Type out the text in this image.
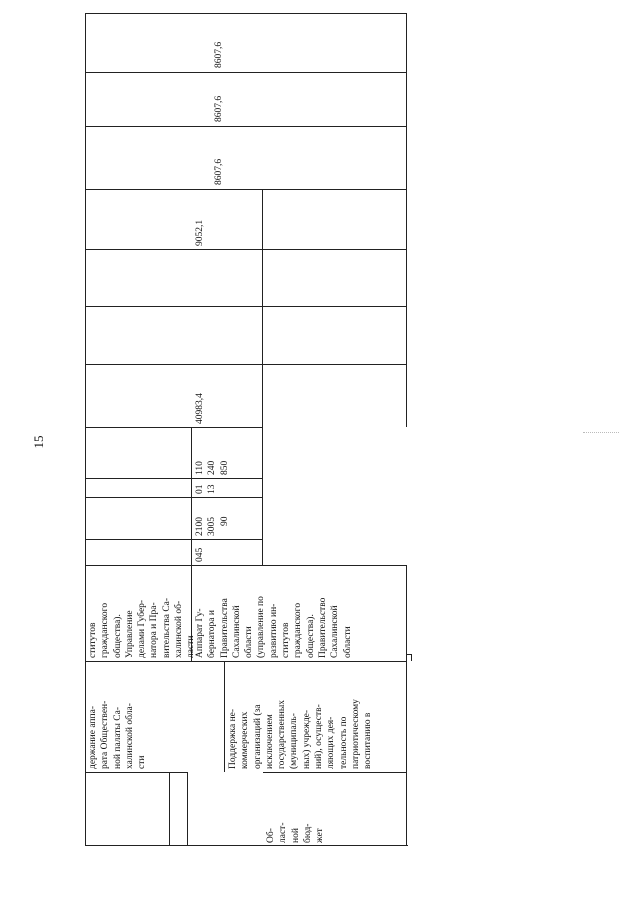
15
держание аппа- рата Обществен- ной палаты Са- халинской обла- сти
ститутов гражданского общества). Управление делами Губер- натора и Пра- вительства Са- халинской об- ласти
8607,6
8607,6
8607,6
Аппарат Гу- бернатора и Правительства Сахалинской области (управление по развитию ин- ститутов гражданского общества). Правительство Сахалинской области
045
2100 3005 90
01 13
110 240 850
40983,4
9052,1
Об- ласт- ной бюд- жет
Поддержка не- коммерческих организаций (за исключением государственных (муниципаль- ных) учрежде- ний), осуществ- ляющих дея- тельность по патриотическому воспитанию в
